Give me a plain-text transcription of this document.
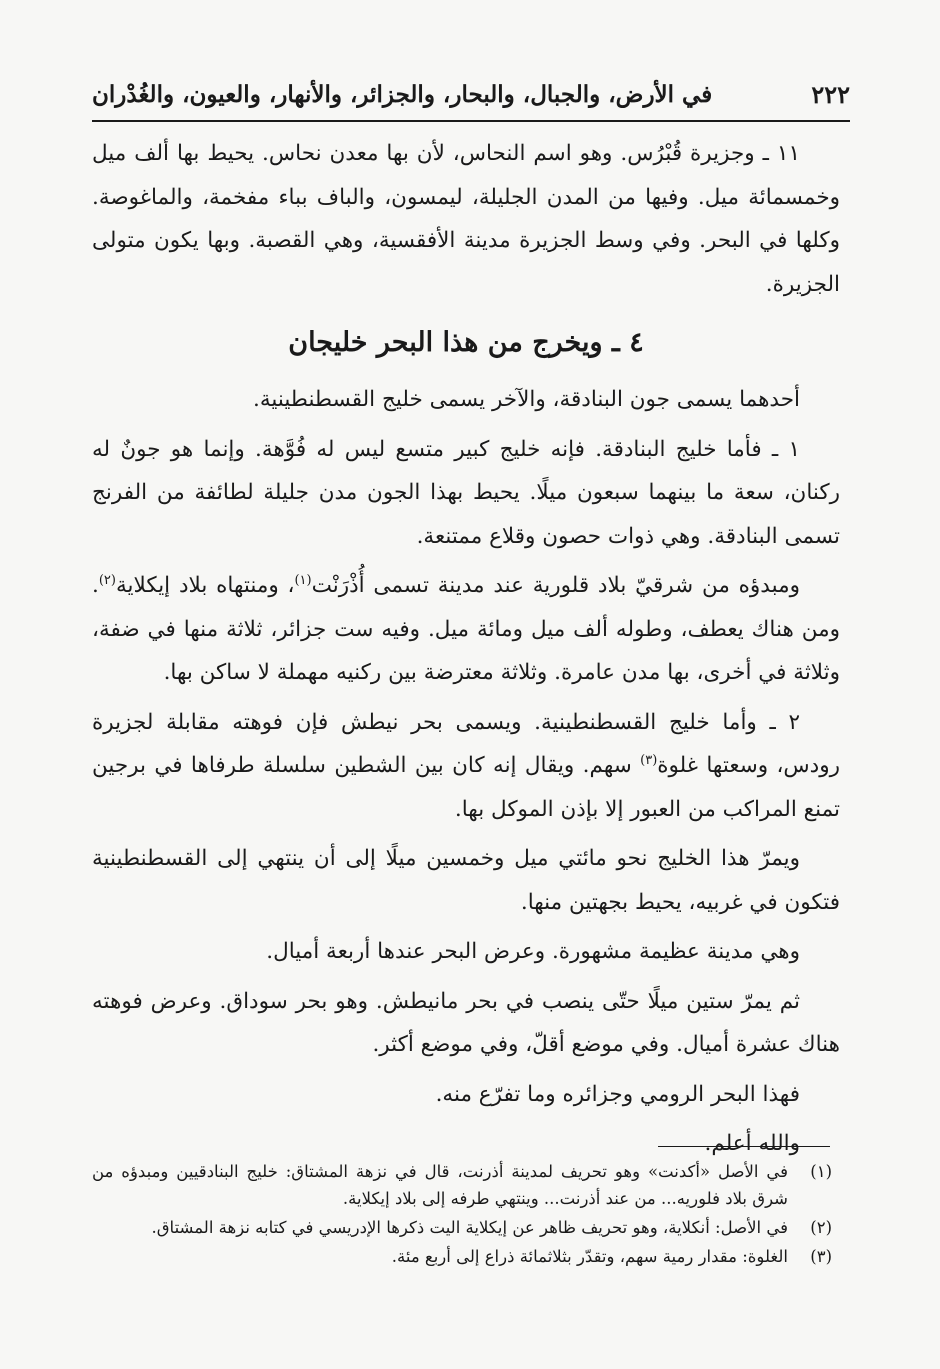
٢٢٢
في الأرض، والجبال، والبحار، والجزائر، والأنهار، والعيون، والغُدْران

١١ ـ وجزيرة قُبْرُس. وهو اسم النحاس، لأن بها معدن نحاس. يحيط بها ألف ميل وخمسمائة ميل. وفيها من المدن الجليلة، ليمسون، والباف بباء مفخمة، والماغوصة. وكلها في البحر. وفي وسط الجزيرة مدينة الأفقسية، وهي القصبة. وبها يكون متولى الجزيرة.

٤ ـ ويخرج من هذا البحر خليجان

أحدهما يسمى جون البنادقة، والآخر يسمى خليج القسطنطينية.

١ ـ فأما خليج البنادقة. فإنه خليج كبير متسع ليس له فُوَّهة. وإنما هو جونٌ له ركنان، سعة ما بينهما سبعون ميلًا. يحيط بهذا الجون مدن جليلة لطائفة من الفرنج تسمى البنادقة. وهي ذوات حصون وقلاع ممتنعة.

ومبدؤه من شرقيّ بلاد قلورية عند مدينة تسمى أُذْرَنْت$^{(١)}$، ومنتهاه بلاد إيكلاية$^{(٢)}$. ومن هناك يعطف، وطوله ألف ميل ومائة ميل. وفيه ست جزائر، ثلاثة منها في ضفة، وثلاثة في أخرى، بها مدن عامرة. وثلاثة معترضة بين ركنيه مهملة لا ساكن بها.

٢ ـ وأما خليج القسطنطينية. ويسمى بحر نيطش فإن فوهته مقابلة لجزيرة رودس، وسعتها غلوة$^{(٣)}$ سهم. ويقال إنه كان بين الشطين سلسلة طرفاها في برجين تمنع المراكب من العبور إلا بإذن الموكل بها.

ويمرّ هذا الخليج نحو مائتي ميل وخمسين ميلًا إلى أن ينتهي إلى القسطنطينية فتكون في غربيه، يحيط بجهتين منها.

وهي مدينة عظيمة مشهورة. وعرض البحر عندها أربعة أميال.

ثم يمرّ ستين ميلًا حتّى ينصب في بحر مانيطش. وهو بحر سوداق. وعرض فوهته هناك عشرة أميال. وفي موضع أقلّ، وفي موضع أكثر.

فهذا البحر الرومي وجزائره وما تفرّع منه.

والله أعلم.

(١)
في الأصل «أكدنت» وهو تحريف لمدينة أذرنت، قال في نزهة المشتاق: خليج البنادقيين ومبدؤه من شرق بلاد فلوريه... من عند أذرنت... وينتهي طرفه إلى بلاد إيكلاية.
(٢)
في الأصل: أنكلاية، وهو تحريف ظاهر عن إيكلاية اليت ذكرها الإدريسي في كتابه نزهة المشتاق.
(٣)
الغلوة: مقدار رمية سهم، وتقدّر بثلاثمائة ذراع إلى أربع مئة.
